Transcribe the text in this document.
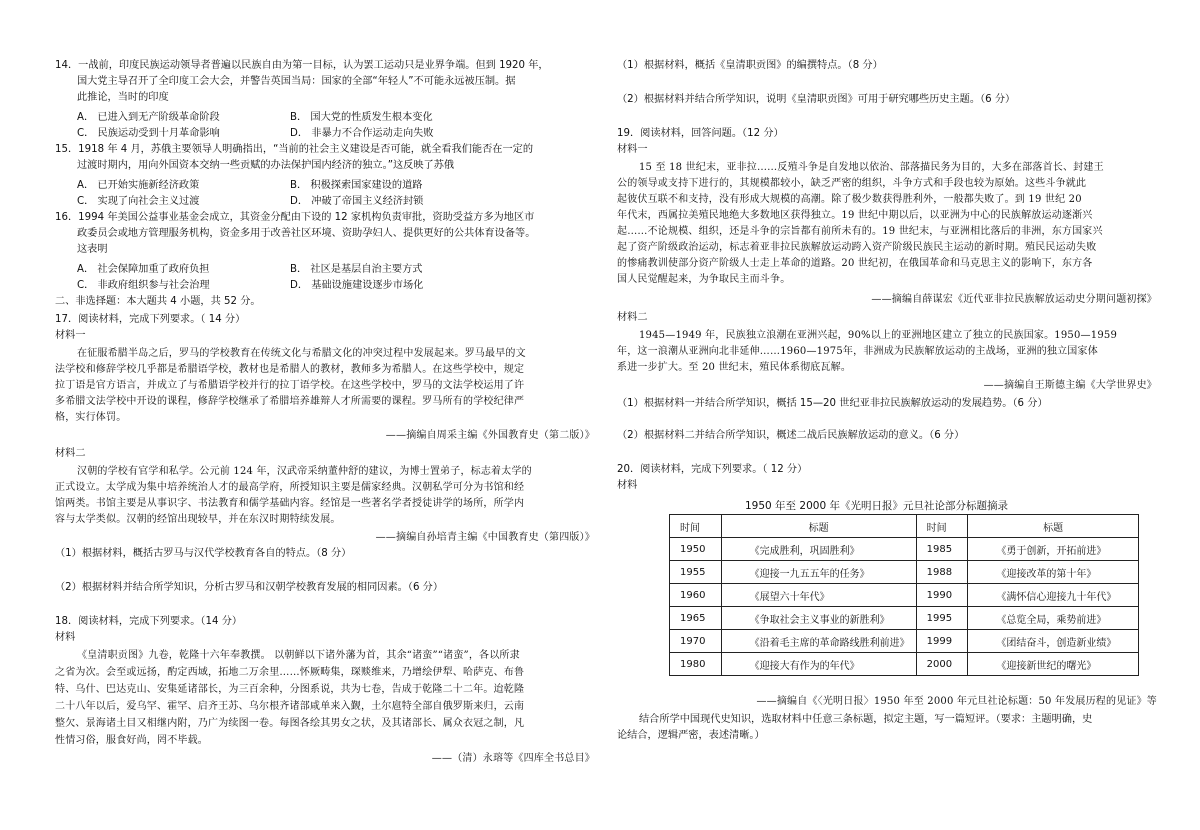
14．一战前，印度民族运动领导者普遍以民族自由为第一目标，认为罢工运动只是业界争端。但到 1920 年，
国大党主导召开了全印度工会大会，并警告英国当局：国家的全部“年轻人”不可能永远被压制。据
此推论，当时的印度
A． 已进入到无产阶级革命阶段	B． 国大党的性质发生根本变化
C． 民族运动受到十月革命影响	D． 非暴力不合作运动走向失败
15．1918 年 4 月，苏俄主要领导人明确指出，“当前的社会主义建设是否可能，就全看我们能否在一定的
过渡时期内，用向外国资本交纳一些贡赋的办法保护国内经济的独立。”这反映了苏俄
A． 已开始实施新经济政策	B． 积极探索国家建设的道路
C． 实现了向社会主义过渡	D． 冲破了帝国主义经济封锁
16．1994 年美国公益事业基金会成立，其资金分配由下设的 12 家机构负责审批，资助受益方多为地区市
政委员会或地方管理服务机构，资金多用于改善社区环境、资助孕妇人、提供更好的公共体育设备等。
这表明
A． 社会保障加重了政府负担	B． 社区是基层自治主要方式
C． 非政府组织参与社会治理	D． 基础设施建设逐步市场化
二、非选择题：本大题共 4 小题，共 52 分。
17．阅读材料，完成下列要求。（ 14 分）
材料一
在征服希腊半岛之后，罗马的学校教育在传统文化与希腊文化的冲突过程中发展起来。罗马最早的文
法学校和修辞学校几乎都是希腊语学校，教材也是希腊人的教材，教师多为希腊人。在这些学校中，规定
拉丁语是官方语言，并成立了与希腊语学校并行的拉丁语学校。在这些学校中，罗马的文法学校运用了许
多希腊文法学校中开设的课程，修辞学校继承了希腊培养雄辩人才所需要的课程。罗马所有的学校纪律严
格，实行体罚。
——摘编自周采主编《外国教育史（第二版）》
材料二
汉朝的学校有官学和私学。公元前 124 年，汉武帝采纳董仲舒的建议，为博士置弟子，标志着太学的
正式设立。太学成为集中培养统治人才的最高学府，所授知识主要是儒家经典。汉朝私学可分为书馆和经
馆两类。书馆主要是从事识字、书法教育和儒学基础内容。经馆是一些著名学者授徒讲学的场所，所学内
容与太学类似。汉朝的经馆出现较早，并在东汉时期特续发展。
——摘编自孙培青主编《中国教育史（第四版）》
（1）根据材料，概括古罗马与汉代学校教育各自的特点。（8 分）
（2）根据材料并结合所学知识，分析古罗马和汉朝学校教育发展的相同因素。（6 分）
18．阅读材料，完成下列要求。（14 分）
材料
《皇清职贡图》九卷，乾隆十六年奉教撰。 以朝鲜以下诸外藩为首，其余“诸蛮”“诸蛮”，各以所隶
之省为次。会至或远扬，酌定西域，拓地二万余里……怀厥畴集，琛赕维来，乃增绘伊犁、哈萨克、布鲁
特、乌什、巴达克山、安集延诸部长，为三百余种，分图系说，共为七卷，告成于乾隆二十二年。迨乾隆
二十八年以后，爱乌罕、霍罕、启齐王苏、乌尔根齐诸部咸单来入觐，土尔扈特全部自俄罗斯来归，云南
整欠、景海诸土目又相继内附，乃广为续图一卷。每图各绘其男女之状，及其诸部长、属众衣冠之制，凡
性情习俗，服食好尚，罔不毕载。
——（清）永瑢等《四库全书总目》
（1）根据材料，概括《皇清职贡图》的编撰特点。（8 分）
（2）根据材料并结合所学知识，说明《皇清职贡图》可用于研究哪些历史主题。（6 分）
19．阅读材料，回答问题。（12 分）
材料一
15 至 18 世纪末，亚非拉……反殖斗争是自发地以依治、部落描民务为目的，大多在部落首长、封建王
公的领导或支持下进行的，其规模都较小，缺乏严密的组织，斗争方式和手段也较为原始。这些斗争就此
起彼伏互联不和支持，没有形成大规模的高潮。除了极少数获得胜利外，一般都失败了。到 19 世纪 20
年代末，西属拉美殖民地绝大多数地区获得独立。19 世纪中期以后，以亚洲为中心的民族解放运动逐渐兴
起……不论规模、组织，还是斗争的宗旨都有前所未有的。19 世纪末，与亚洲相比落后的非洲，东方国家兴
起了资产阶级政治运动，标志着亚非拉民族解放运动跨入资产阶级民族民主运动的新时期。殖民民运动失败
的惨痛教训使部分资产阶级人士走上革命的道路。20 世纪初，在俄国革命和马克思主义的影响下，东方各
国人民觉醒起来，为争取民主而斗争。
——摘编自薛谋宏《近代亚非拉民族解放运动史分期问题初探》
材料二
1945—1949 年，民族独立浪潮在亚洲兴起，90%以上的亚洲地区建立了独立的民族国家。1950—1959
年，这一浪潮从亚洲向北非延伸……1960—1975年，非洲成为民族解放运动的主战场，亚洲的独立国家体
系进一步扩大。至 20 世纪末，殖民体系彻底瓦解。
——摘编自王斯德主编《大学世界史》
（1）根据材料一并结合所学知识，概括 15—20 世纪亚非拉民族解放运动的发展趋势。（6 分）
（2）根据材料二并结合所学知识，概述二战后民族解放运动的意义。（6 分）
20．阅读材料，完成下列要求。（ 12 分）
材料
1950 年至 2000 年《光明日报》元旦社论部分标题摘录
时间	标题	时间	标题
1950	《完成胜利，巩固胜利》	1985	《勇于创新，开拓前进》
1955	《迎接一九五五年的任务》	1988	《迎接改革的第十年》
1960	《展望六十年代》	1990	《满怀信心迎接九十年代》
1965	《争取社会主义事业的新胜利》	1995	《总览全局，乘势前进》
1970	《沿着毛主席的革命路线胜利前进》	1999	《团结奋斗，创造新业绩》
1980	《迎接大有作为的年代》	2000	《迎接新世纪的曙光》
——摘编自《〈光明日报〉1950 年至 2000 年元旦社论标题：50 年发展历程的见证》等
结合所学中国现代史知识，选取材料中任意三条标题，拟定主题，写一篇短评。（要求：主题明确，史
论结合，逻辑严密，表述清晰。）
